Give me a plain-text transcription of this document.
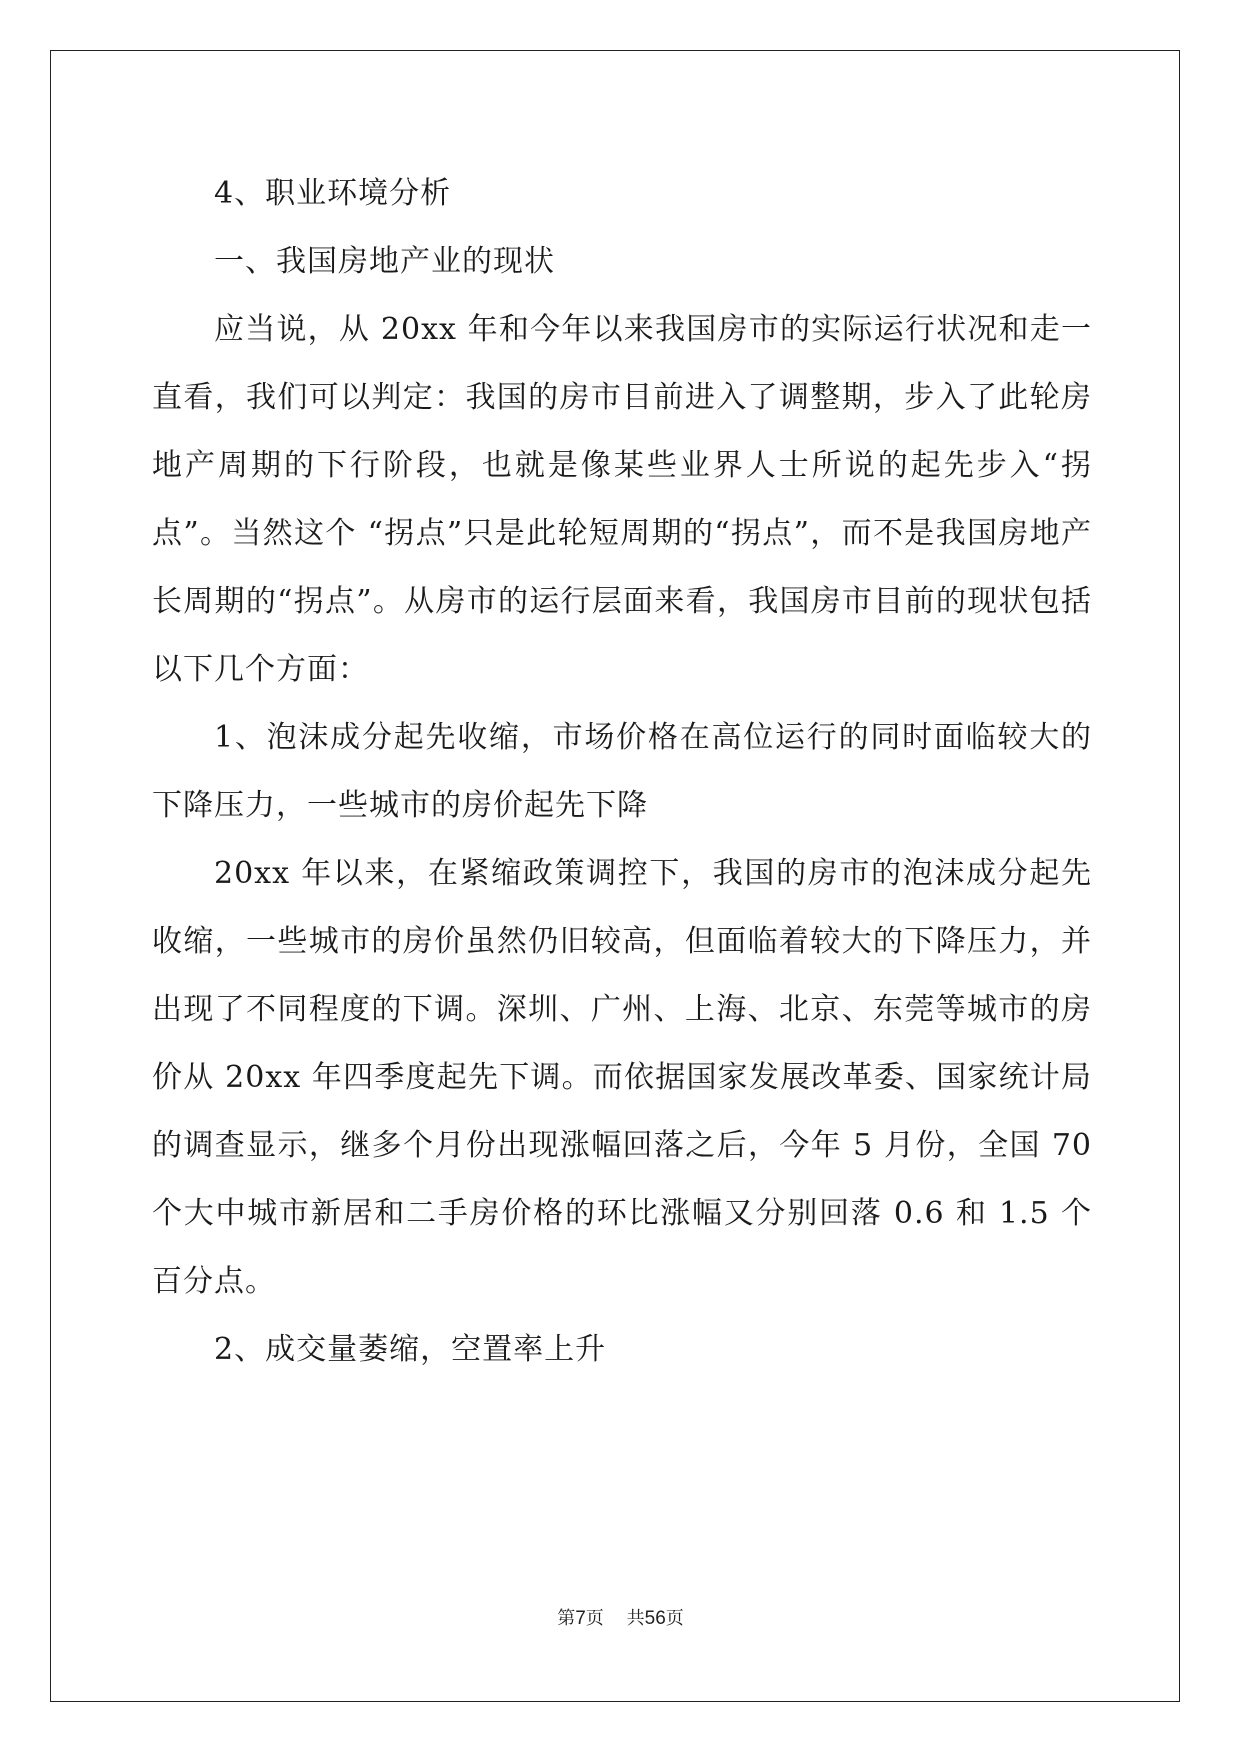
4、职业环境分析

一、我国房地产业的现状

应当说，从 20xx 年和今年以来我国房市的实际运行状况和走一直看，我们可以判定：我国的房市目前进入了调整期，步入了此轮房地产周期的下行阶段，也就是像某些业界人士所说的起先步入“拐点”。当然这个 “拐点”只是此轮短周期的“拐点”，而不是我国房地产长周期的“拐点”。从房市的运行层面来看，我国房市目前的现状包括以下几个方面：

1、泡沫成分起先收缩，市场价格在高位运行的同时面临较大的下降压力，一些城市的房价起先下降

20xx 年以来，在紧缩政策调控下，我国的房市的泡沫成分起先收缩，一些城市的房价虽然仍旧较高，但面临着较大的下降压力，并出现了不同程度的下调。深圳、广州、上海、北京、东莞等城市的房价从 20xx 年四季度起先下调。而依据国家发展改革委、国家统计局的调查显示，继多个月份出现涨幅回落之后，今年 5 月份，全国 70 个大中城市新居和二手房价格的环比涨幅又分别回落 0.6 和 1.5 个百分点。

2、成交量萎缩，空置率上升

第7页 共56页
